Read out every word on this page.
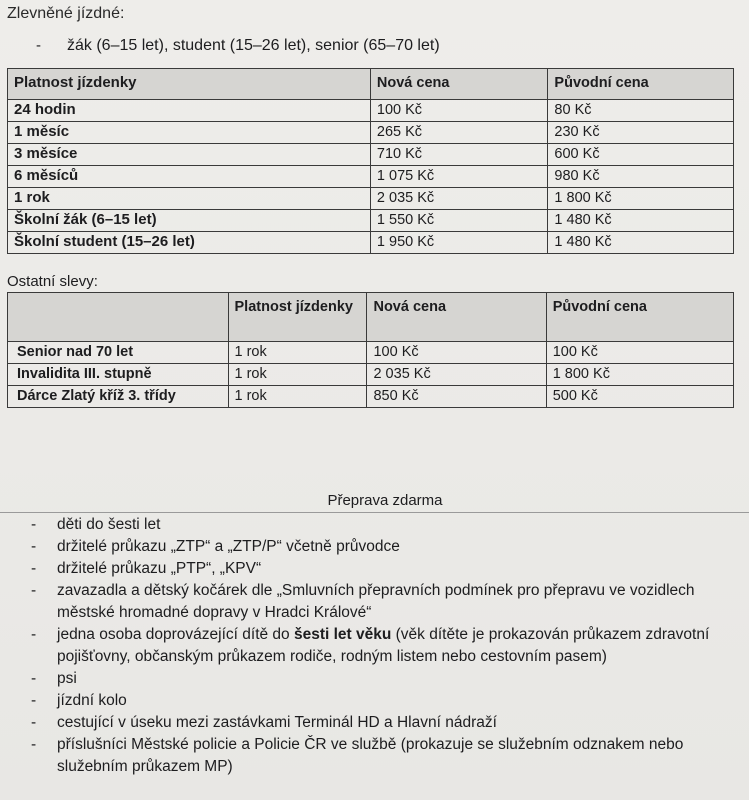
Zlevněné jízdné:
- žák (6–15 let), student (15–26 let), senior (65–70 let)
Platnost jízdenky	Nová cena	Původní cena
24 hodin	100 Kč	80 Kč
1 měsíc	265 Kč	230 Kč
3 měsíce	710 Kč	600 Kč
6 měsíců	1 075 Kč	980 Kč
1 rok	2 035 Kč	1 800 Kč
Školní žák (6–15 let)	1 550 Kč	1 480 Kč
Školní student (15–26 let)	1 950 Kč	1 480 Kč
Ostatní slevy:
	Platnost jízdenky	Nová cena	Původní cena
Senior nad 70 let	1 rok	100 Kč	100 Kč
Invalidita III. stupně	1 rok	2 035 Kč	1 800 Kč
Dárce Zlatý kříž 3. třídy	1 rok	850 Kč	500 Kč
Přeprava zdarma
- děti do šesti let
- držitelé průkazu „ZTP“ a „ZTP/P“ včetně průvodce
- držitelé průkazu „PTP“, „KPV“
- zavazadla a dětský kočárek dle „Smluvních přepravních podmínek pro přepravu ve vozidlech městské hromadné dopravy v Hradci Králové“
- jedna osoba doprovázející dítě do šesti let věku (věk dítěte je prokazován průkazem zdravotní pojišťovny, občanským průkazem rodiče, rodným listem nebo cestovním pasem)
- psi
- jízdní kolo
- cestující v úseku mezi zastávkami Terminál HD a Hlavní nádraží
- příslušníci Městské policie a Policie ČR ve službě (prokazuje se služebním odznakem nebo služebním průkazem MP)
